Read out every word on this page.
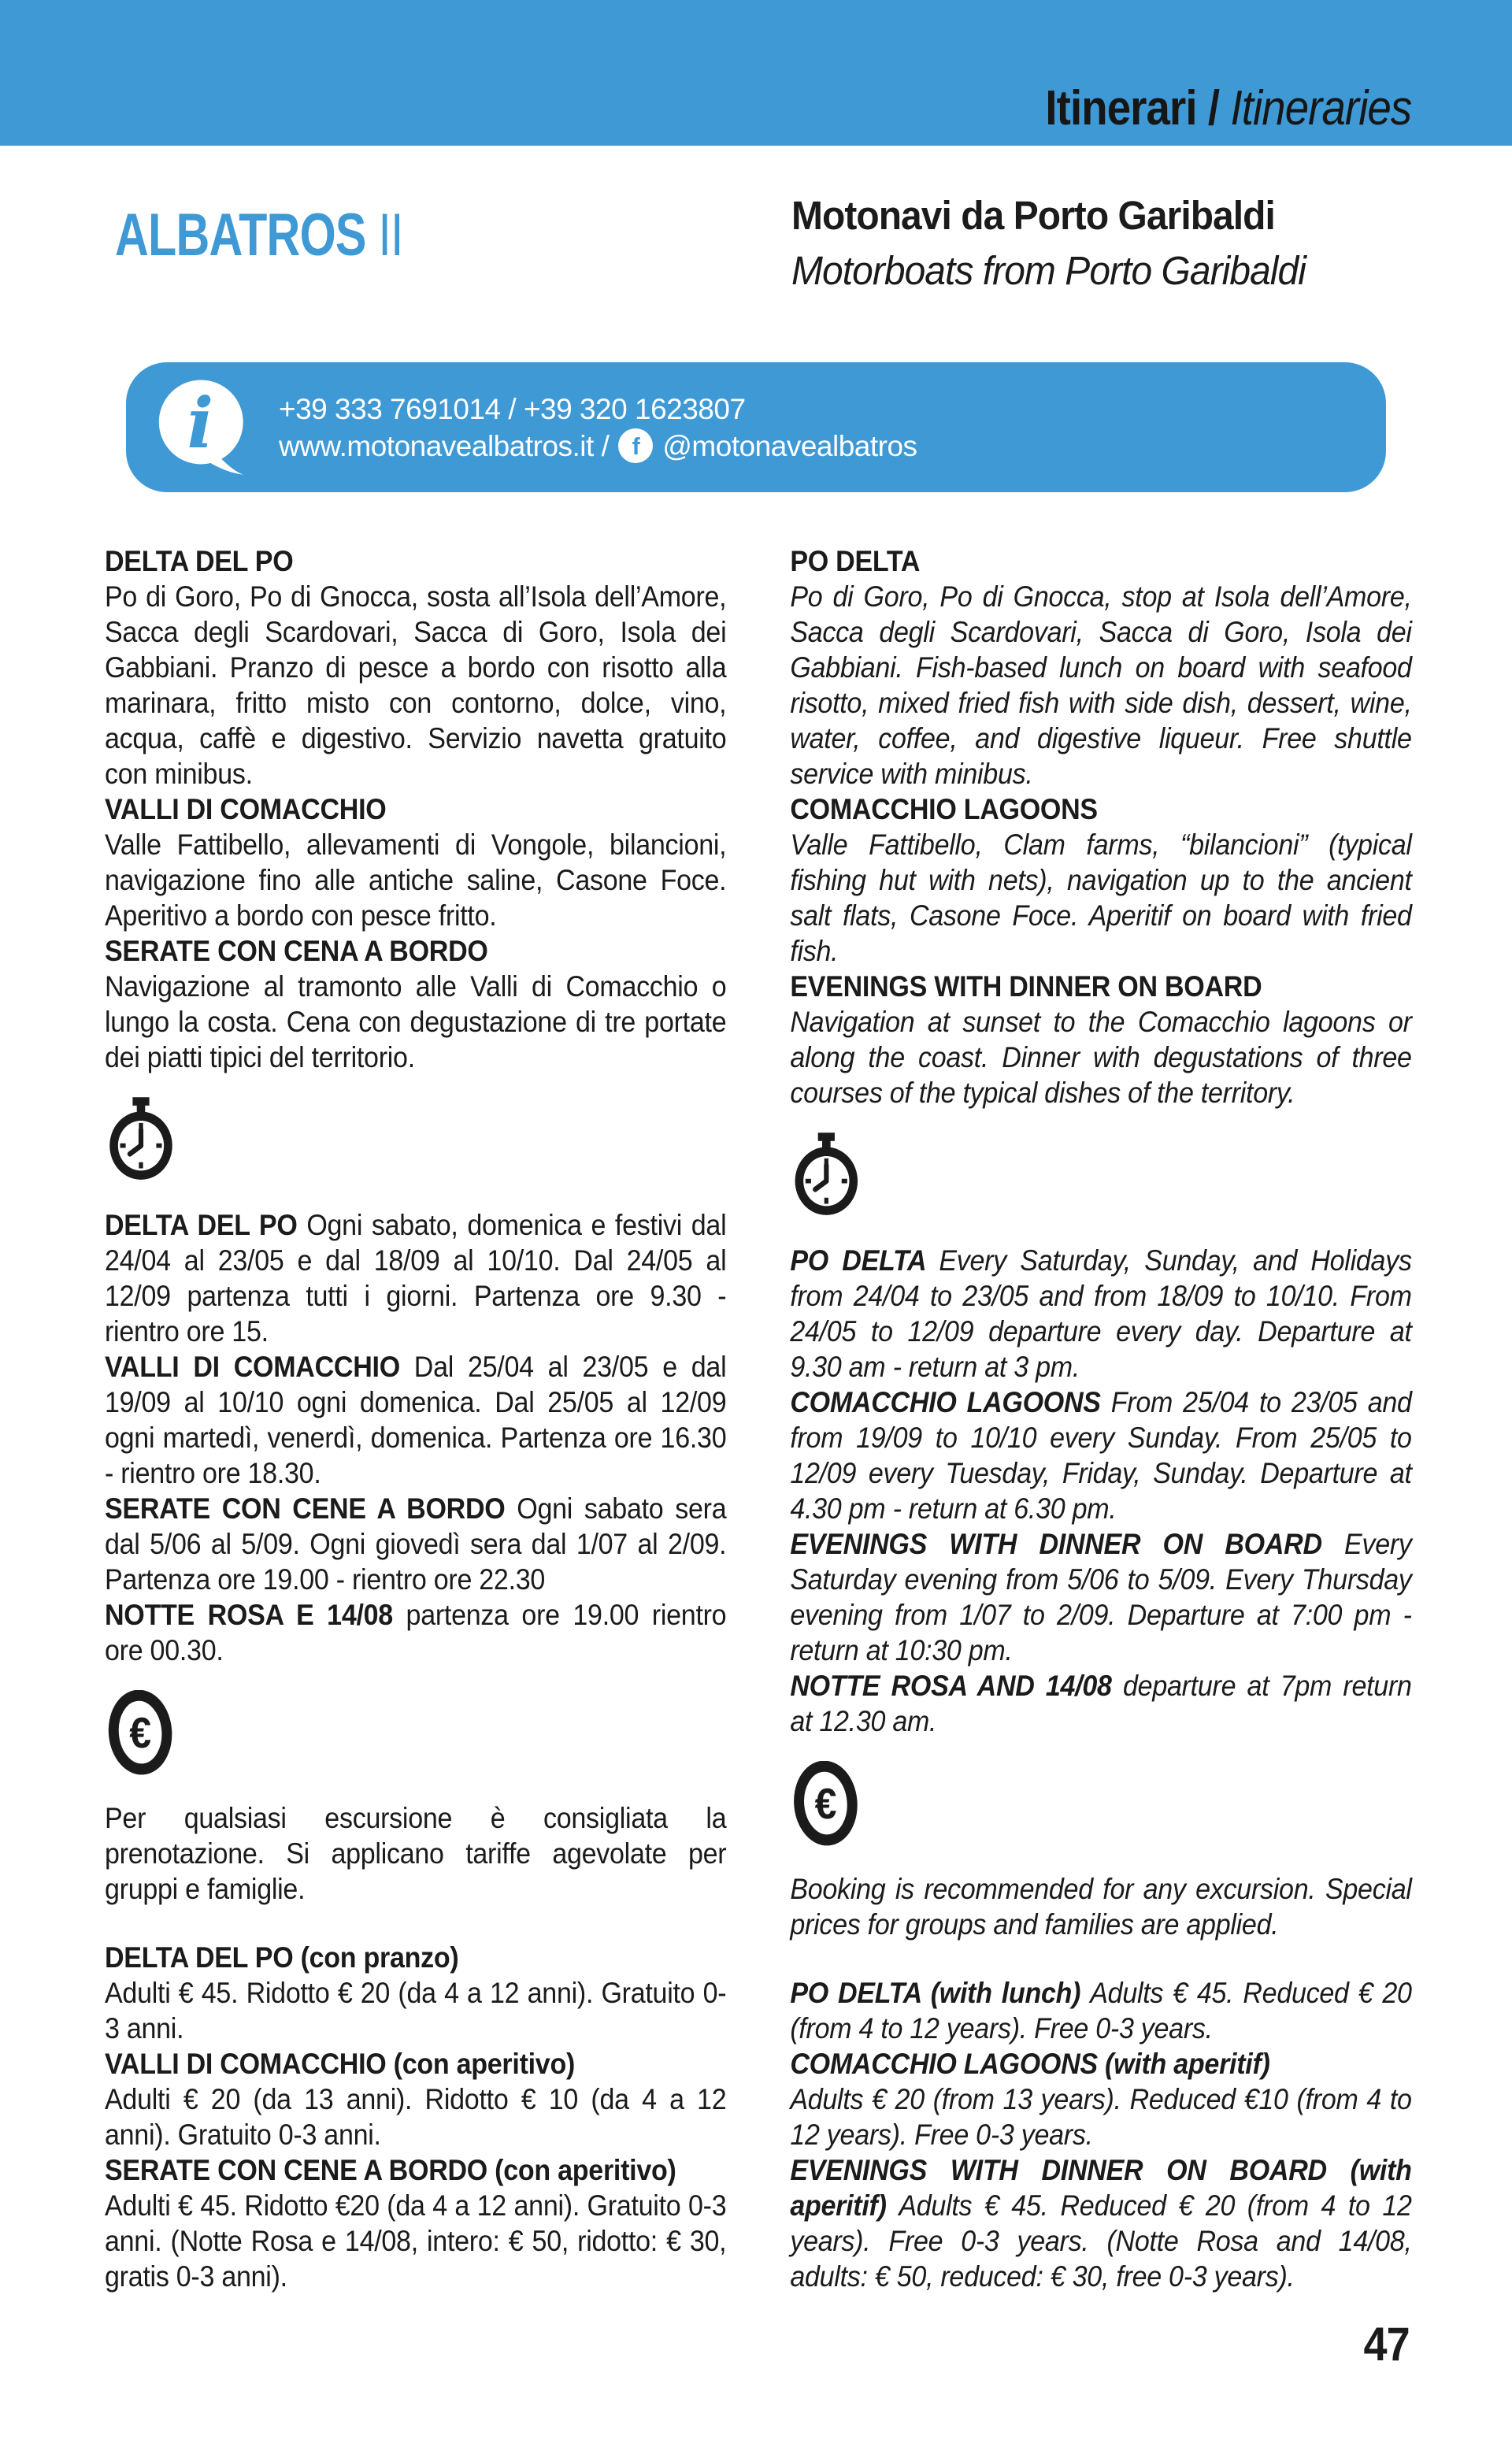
Itinerari / Itineraries
ALBATROS II	Motonavi da Porto Garibaldi
Motorboats from Porto Garibaldi
i +39 333 7691014 / +39 320 1623807
www.motonavealbatros.it / f @motonavealbatros
DELTA DEL PO
Po di Goro, Po di Gnocca, sosta all’Isola dell’Amore, Sacca degli Scardovari, Sacca di Goro, Isola dei Gabbiani. Pranzo di pesce a bordo con risotto alla marinara, fritto misto con contorno, dolce, vino, acqua, caffè e digestivo. Servizio navetta gratuito con minibus.
VALLI DI COMACCHIO
Valle Fattibello, allevamenti di Vongole, bilancioni, navigazione fino alle antiche saline, Casone Foce. Aperitivo a bordo con pesce fritto.
SERATE CON CENA A BORDO
Navigazione al tramonto alle Valli di Comacchio o lungo la costa. Cena con degustazione di tre portate dei piatti tipici del territorio.
DELTA DEL PO Ogni sabato, domenica e festivi dal 24/04 al 23/05 e dal 18/09 al 10/10. Dal 24/05 al 12/09 partenza tutti i giorni. Partenza ore 9.30 - rientro ore 15.
VALLI DI COMACCHIO Dal 25/04 al 23/05 e dal 19/09 al 10/10 ogni domenica. Dal 25/05 al 12/09 ogni martedì, venerdì, domenica. Partenza ore 16.30 - rientro ore 18.30.
SERATE CON CENE A BORDO Ogni sabato sera dal 5/06 al 5/09. Ogni giovedì sera dal 1/07 al 2/09. Partenza ore 19.00 - rientro ore 22.30
NOTTE ROSA E 14/08 partenza ore 19.00 rientro ore 00.30.
€
Per qualsiasi escursione è consigliata la prenotazione. Si applicano tariffe agevolate per gruppi e famiglie.
DELTA DEL PO (con pranzo)
Adulti € 45. Ridotto € 20 (da 4 a 12 anni). Gratuito 0-3 anni.
VALLI DI COMACCHIO (con aperitivo)
Adulti € 20 (da 13 anni). Ridotto € 10 (da 4 a 12 anni). Gratuito 0-3 anni.
SERATE CON CENE A BORDO (con aperitivo)
Adulti € 45. Ridotto €20 (da 4 a 12 anni). Gratuito 0-3 anni. (Notte Rosa e 14/08, intero: € 50, ridotto: € 30, gratis 0-3 anni).
PO DELTA
Po di Goro, Po di Gnocca, stop at Isola dell’Amore, Sacca degli Scardovari, Sacca di Goro, Isola dei Gabbiani. Fish-based lunch on board with seafood risotto, mixed fried fish with side dish, dessert, wine, water, coffee, and digestive liqueur. Free shuttle service with minibus.
COMACCHIO LAGOONS
Valle Fattibello, Clam farms, “bilancioni” (typical fishing hut with nets), navigation up to the ancient salt flats, Casone Foce. Aperitif on board with fried fish.
EVENINGS WITH DINNER ON BOARD
Navigation at sunset to the Comacchio lagoons or along the coast. Dinner with degustations of three courses of the typical dishes of the territory.
PO DELTA Every Saturday, Sunday, and Holidays from 24/04 to 23/05 and from 18/09 to 10/10. From 24/05 to 12/09 departure every day. Departure at 9.30 am - return at 3 pm.
COMACCHIO LAGOONS From 25/04 to 23/05 and from 19/09 to 10/10 every Sunday. From 25/05 to 12/09 every Tuesday, Friday, Sunday. Departure at 4.30 pm - return at 6.30 pm.
EVENINGS WITH DINNER ON BOARD Every Saturday evening from 5/06 to 5/09. Every Thursday evening from 1/07 to 2/09. Departure at 7:00 pm - return at 10:30 pm.
NOTTE ROSA AND 14/08 departure at 7pm return at 12.30 am.
€
Booking is recommended for any excursion. Special prices for groups and families are applied.
PO DELTA (with lunch) Adults € 45. Reduced € 20 (from 4 to 12 years). Free 0-3 years.
COMACCHIO LAGOONS (with aperitif)
Adults € 20 (from 13 years). Reduced €10 (from 4 to 12 years). Free 0-3 years.
EVENINGS WITH DINNER ON BOARD (with aperitif) Adults € 45. Reduced € 20 (from 4 to 12 years). Free 0-3 years. (Notte Rosa and 14/08, adults: € 50, reduced: € 30, free 0-3 years).
47
